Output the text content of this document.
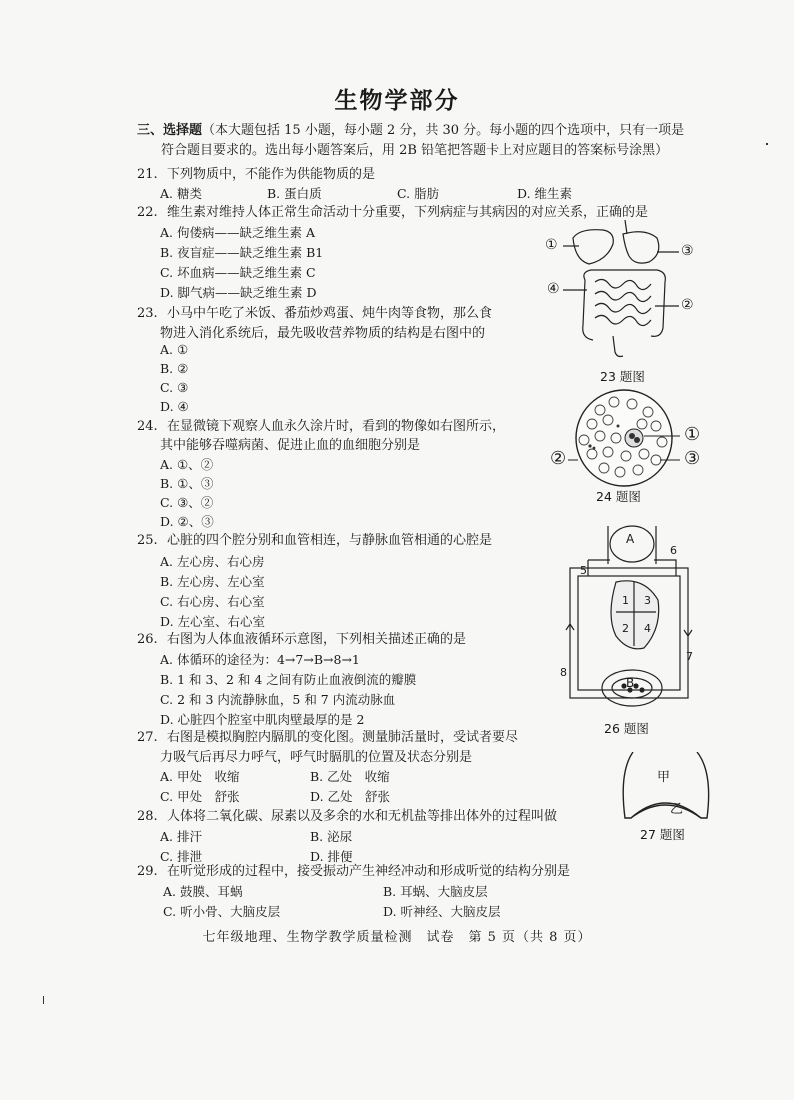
生物学部分
三、选择题（本大题包括 15 小题，每小题 2 分，共 30 分。每小题的四个选项中，只有一项是
符合题目要求的。选出每小题答案后，用 2B 铅笔把答题卡上对应题目的答案标号涂黑）
21. 下列物质中，不能作为供能物质的是
A. 糖类	B. 蛋白质	C. 脂肪	D. 维生素
22. 维生素对维持人体正常生命活动十分重要，下列病症与其病因的对应关系，正确的是
A. 佝偻病——缺乏维生素 A
B. 夜盲症——缺乏维生素 B1
C. 坏血病——缺乏维生素 C
D. 脚气病——缺乏维生素 D
23. 小马中午吃了米饭、番茄炒鸡蛋、炖牛肉等食物，那么食
物进入消化系统后，最先吸收营养物质的结构是右图中的
A. ①
B. ②
C. ③
D. ④
24. 在显微镜下观察人血永久涂片时，看到的物像如右图所示，
其中能够吞噬病菌、促进止血的血细胞分别是
A. ①、②
B. ①、③
C. ③、②
D. ②、③
25. 心脏的四个腔分别和血管相连，与静脉血管相通的心腔是
A. 左心房、右心房
B. 左心房、左心室
C. 右心房、右心室
D. 左心室、右心室
26. 右图为人体血液循环示意图，下列相关描述正确的是
A. 体循环的途径为：4→7→B→8→1
B. 1 和 3、2 和 4 之间有防止血液倒流的瓣膜
C. 2 和 3 内流静脉血，5 和 7 内流动脉血
D. 心脏四个腔室中肌肉壁最厚的是 2
27. 右图是模拟胸腔内膈肌的变化图。测量肺活量时，受试者要尽
力吸气后再尽力呼气，呼气时膈肌的位置及状态分别是
A. 甲处　收缩	B. 乙处　收缩
C. 甲处　舒张	D. 乙处　舒张
28. 人体将二氧化碳、尿素以及多余的水和无机盐等排出体外的过程叫做
A. 排汗	B. 泌尿
C. 排泄	D. 排便
29. 在听觉形成的过程中，接受振动产生神经冲动和形成听觉的结构分别是
A. 鼓膜、耳蜗	B. 耳蜗、大脑皮层
C. 听小骨、大脑皮层	D. 听神经、大脑皮层
①
②
③
④
23 题图
①
②	③
24 题图
A
B
1
2
3
4
5
6
7
8
26 题图
甲
乙
27 题图
七年级地理、生物学教学质量检测　试卷　第 5 页（共 8 页）
